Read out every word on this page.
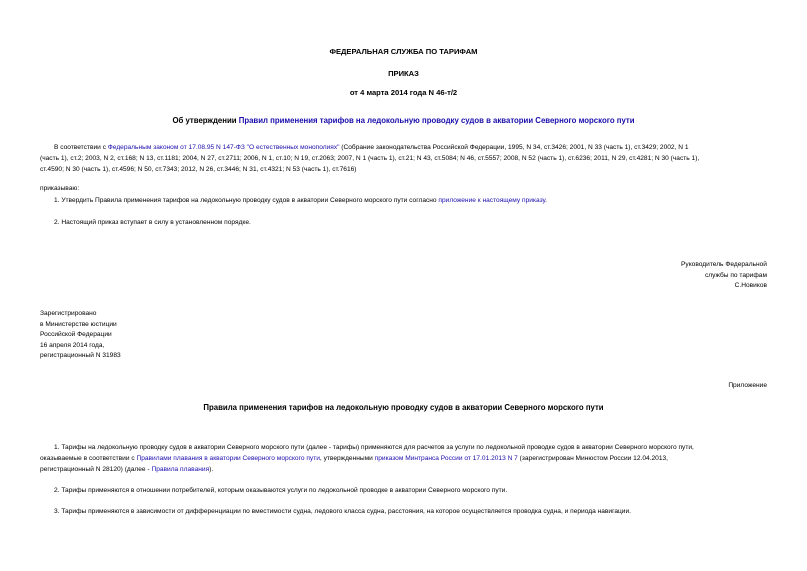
ФЕДЕРАЛЬНАЯ СЛУЖБА ПО ТАРИФАМ
ПРИКАЗ
от 4 марта 2014 года N 46-т/2
Об утверждении Правил применения тарифов на ледокольную проводку судов в акватории Северного морского пути
В соответствии с Федеральным законом от 17.08.95 N 147-ФЗ "О естественных монополиях" (Собрание законодательства Российской Федерации, 1995, N 34, ст.3426; 2001, N 33 (часть 1), ст.3429; 2002, N 1
(часть 1), ст.2; 2003, N 2, ст.168; N 13, ст.1181; 2004, N 27, ст.2711; 2006, N 1, ст.10; N 19, ст.2063; 2007, N 1 (часть 1), ст.21; N 43, ст.5084; N 46, ст.5557; 2008, N 52 (часть 1), ст.6236; 2011, N 29, ст.4281; N 30 (часть 1),
ст.4590; N 30 (часть 1), ст.4596; N 50, ст.7343; 2012, N 26, ст.3446; N 31, ст.4321; N 53 (часть 1), ст.7616)
приказываю:
1. Утвердить Правила применения тарифов на ледокольную проводку судов в акватории Северного морского пути согласно приложение к настоящему приказу.
2. Настоящий приказ вступает в силу в установленном порядке.
Руководитель Федеральной
службы по тарифам
С.Новиков
Зарегистрировано
в Министерстве юстиции
Российской Федерации
16 апреля 2014 года,
регистрационный N 31983
Приложение
Правила применения тарифов на ледокольную проводку судов в акватории Северного морского пути
1. Тарифы на ледокольную проводку судов в акватории Северного морского пути (далее - тарифы) применяются для расчетов за услуги по ледокольной проводке судов в акватории Северного морского пути,
оказываемые в соответствии с Правилами плавания в акватории Северного морского пути, утвержденными приказом Минтранса России от 17.01.2013 N 7 (зарегистрирован Минюстом России 12.04.2013,
регистрационный N 28120) (далее - Правила плавания).
2. Тарифы применяются в отношении потребителей, которым оказываются услуги по ледокольной проводке в акватории Северного морского пути.
3. Тарифы применяются в зависимости от дифференциации по вместимости судна, ледового класса судна, расстояния, на которое осуществляется проводка судна, и периода навигации.
